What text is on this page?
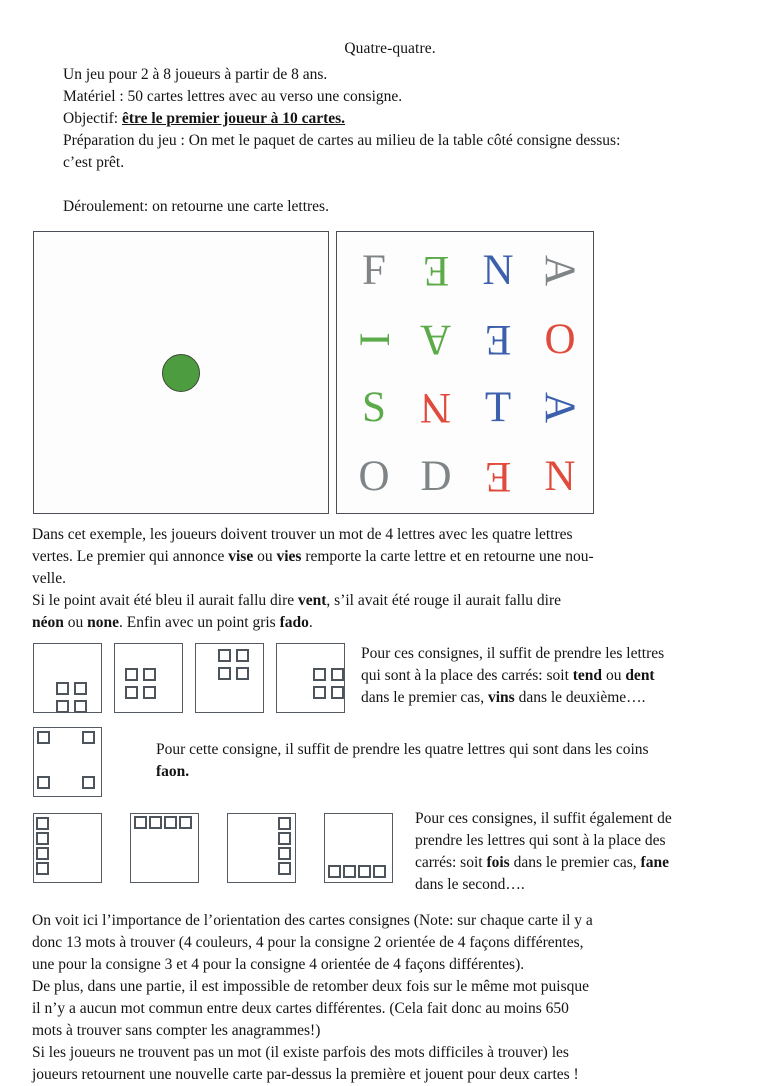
Quatre-quatre.
Un jeu pour 2 à 8 joueurs à partir de 8 ans.
Matériel : 50 cartes lettres avec au verso une consigne.
Objectif: être le premier joueur à 10 cartes.
Préparation du jeu : On met le paquet de cartes au milieu de la table côté consigne dessus:
c’est prêt.
Déroulement: on retourne une carte lettres.
F E N A
I A E O
S N T A
O D E N
Dans cet exemple, les joueurs doivent trouver un mot de 4 lettres avec les quatre lettres
vertes. Le premier qui annonce vise ou vies remporte la carte lettre et en retourne une nou-
velle.
Si le point avait été bleu il aurait fallu dire vent, s’il avait été rouge il aurait fallu dire
néon ou none. Enfin avec un point gris fado.
Pour ces consignes, il suffit de prendre les lettres
qui sont à la place des carrés: soit tend ou dent
dans le premier cas, vins dans le deuxième….
Pour cette consigne, il suffit de prendre les quatre lettres qui sont dans les coins
faon.
Pour ces consignes, il suffit également de
prendre les lettres qui sont à la place des
carrés: soit fois dans le premier cas, fane
dans le second….
On voit ici l’importance de l’orientation des cartes consignes (Note: sur chaque carte il y a
donc 13 mots à trouver (4 couleurs, 4 pour la consigne 2 orientée de 4 façons différentes,
une pour la consigne 3 et 4 pour la consigne 4 orientée de 4 façons différentes).
De plus, dans une partie, il est impossible de retomber deux fois sur le même mot puisque
il n’y a aucun mot commun entre deux cartes différentes. (Cela fait donc au moins 650
mots à trouver sans compter les anagrammes!)
Si les joueurs ne trouvent pas un mot (il existe parfois des mots difficiles à trouver) les
joueurs retournent une nouvelle carte par-dessus la première et jouent pour deux cartes !
